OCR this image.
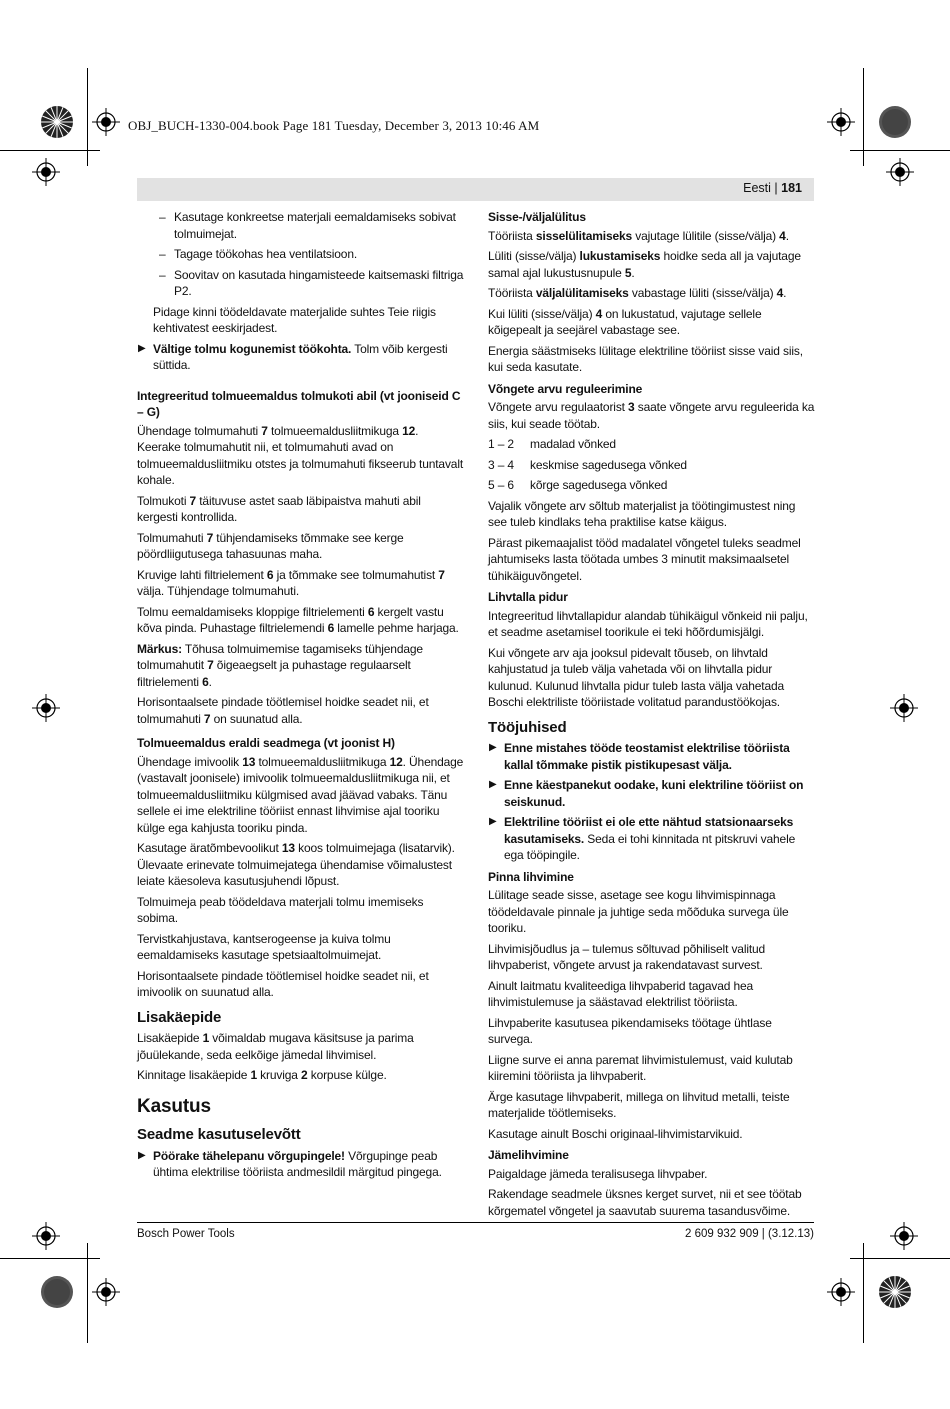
OBJ_BUCH-1330-004.book Page 181 Tuesday, December 3, 2013 10:46 AM
Eesti | 181

– Kasutage konkreetse materjali eemaldamiseks sobivat tolmuimejat.

– Tagage töökohas hea ventilatsioon.

– Soovitav on kasutada hingamisteede kaitsemaski filtriga P2.

Pidage kinni töödeldavate materjalide suhtes Teie riigis kehtivatest eeskirjadest.

▶ Vältige tolmu kogunemist töökohta. Tolm võib kergesti süttida.

Integreeritud tolmueemaldus tolmukoti abil (vt jooniseid C – G)

Ühendage tolmumahuti 7 tolmueemaldusliitmikuga 12. Keerake tolmumahutit nii, et tolmumahuti avad on tolmueemaldusliitmiku otstes ja tolmumahuti fikseerub tuntavalt kohale.

Tolmukoti 7 täituvuse astet saab läbipaistva mahuti abil kergesti kontrollida.

Tolmumahuti 7 tühjendamiseks tõmmake see kerge pöördliigutusega tahasuunas maha.

Kruvige lahti filtrielement 6 ja tõmmake see tolmumahutist 7 välja. Tühjendage tolmumahuti.

Tolmu eemaldamiseks kloppige filtrielementi 6 kergelt vastu kõva pinda. Puhastage filtrielemendi 6 lamelle pehme harjaga.

Märkus: Tõhusa tolmuimemise tagamiseks tühjendage tolmumahutit 7 õigeaegselt ja puhastage regulaarselt filtrielementi 6.

Horisontaalsete pindade töötlemisel hoidke seadet nii, et tolmumahuti 7 on suunatud alla.

Tolmueemaldus eraldi seadmega (vt joonist H)

Ühendage imivoolik 13 tolmueemaldusliitmikuga 12. Ühendage (vastavalt joonisele) imivoolik tolmueemaldusliitmikuga nii, et tolmueemaldusliitmiku külgmised avad jäävad vabaks. Tänu sellele ei ime elektriline tööriist ennast lihvimise ajal tooriku külge ega kahjusta tooriku pinda.

Kasutage äratõmbevoolikut 13 koos tolmuimejaga (lisatarvik). Ülevaate erinevate tolmuimejatega ühendamise võimalustest leiate käesoleva kasutusjuhendi lõpust.

Tolmuimeja peab töödeldava materjali tolmu imemiseks sobima.

Tervistkahjustava, kantserogeense ja kuiva tolmu eemaldamiseks kasutage spetsiaaltolmuimejat.

Horisontaalsete pindade töötlemisel hoidke seadet nii, et imivoolik on suunatud alla.

Lisakäepide

Lisakäepide 1 võimaldab mugava käsitsuse ja parima jõuülekande, seda eelkõige jämedal lihvimisel.

Kinnitage lisakäepide 1 kruviga 2 korpuse külge.

Kasutus
Seadme kasutuselevõtt

▶ Pöörake tähelepanu võrgupingele! Võrgupinge peab ühtima elektrilise tööriista andmesildil märgitud pingega.

Sisse-/väljalülitus

Tööriista sisselülitamiseks vajutage lülitile (sisse/välja) 4.

Lüliti (sisse/välja) lukustamiseks hoidke seda all ja vajutage samal ajal lukustusnupule 5.

Tööriista väljalülitamiseks vabastage lüliti (sisse/välja) 4.

Kui lüliti (sisse/välja) 4 on lukustatud, vajutage sellele kõigepealt ja seejärel vabastage see.

Energia säästmiseks lülitage elektriline tööriist sisse vaid siis, kui seda kasutate.

Võngete arvu reguleerimine

Võngete arvu regulaatorist 3 saate võngete arvu reguleerida ka siis, kui seade töötab.

1 – 2	madalad võnked

3 – 4	keskmise sagedusega võnked

5 – 6	kõrge sagedusega võnked

Vajalik võngete arv sõltub materjalist ja töötingimustest ning see tuleb kindlaks teha praktilise katse käigus.

Pärast pikemaajalist tööd madalatel võngetel tuleks seadmel jahtumiseks lasta töötada umbes 3 minutit maksimaalsetel tühikäiguvõngetel.

Lihvtalla pidur

Integreeritud lihvtallapidur alandab tühikäigul võnkeid nii palju, et seadme asetamisel toorikule ei teki hõõrdumisjälgi.

Kui võngete arv aja jooksul pidevalt tõuseb, on lihvtald kahjustatud ja tuleb välja vahetada või on lihvtalla pidur kulunud. Kulunud lihvtalla pidur tuleb lasta välja vahetada Boschi elektriliste tööriistade volitatud parandustöökojas.

Tööjuhised

▶ Enne mistahes tööde teostamist elektrilise tööriista kallal tõmmake pistik pistikupesast välja.

▶ Enne käestpanekut oodake, kuni elektriline tööriist on seiskunud.

▶ Elektriline tööriist ei ole ette nähtud statsionaarseks kasutamiseks. Seda ei tohi kinnitada nt pitskruvi vahele ega tööpingile.

Pinna lihvimine

Lülitage seade sisse, asetage see kogu lihvimispinnaga töödeldavale pinnale ja juhtige seda mõõduka survega üle tooriku.

Lihvimisjõudlus ja – tulemus sõltuvad põhiliselt valitud lihvpaberist, võngete arvust ja rakendatavast survest.

Ainult laitmatu kvaliteediga lihvpaberid tagavad hea lihvimistulemuse ja säästavad elektrilist tööriista.

Lihvpaberite kasutusea pikendamiseks töötage ühtlase survega.

Liigne surve ei anna paremat lihvimistulemust, vaid kulutab kiiremini tööriista ja lihvpaberit.

Ärge kasutage lihvpaberit, millega on lihvitud metalli, teiste materjalide töötlemiseks.

Kasutage ainult Boschi originaal-lihvimistarvikuid.

Jämelihvimine

Paigaldage jämeda teralisusega lihvpaber.

Rakendage seadmele üksnes kerget survet, nii et see töötab kõrgematel võngetel ja saavutab suurema tasandusvõime.

Bosch Power Tools	2 609 932 909 | (3.12.13)
